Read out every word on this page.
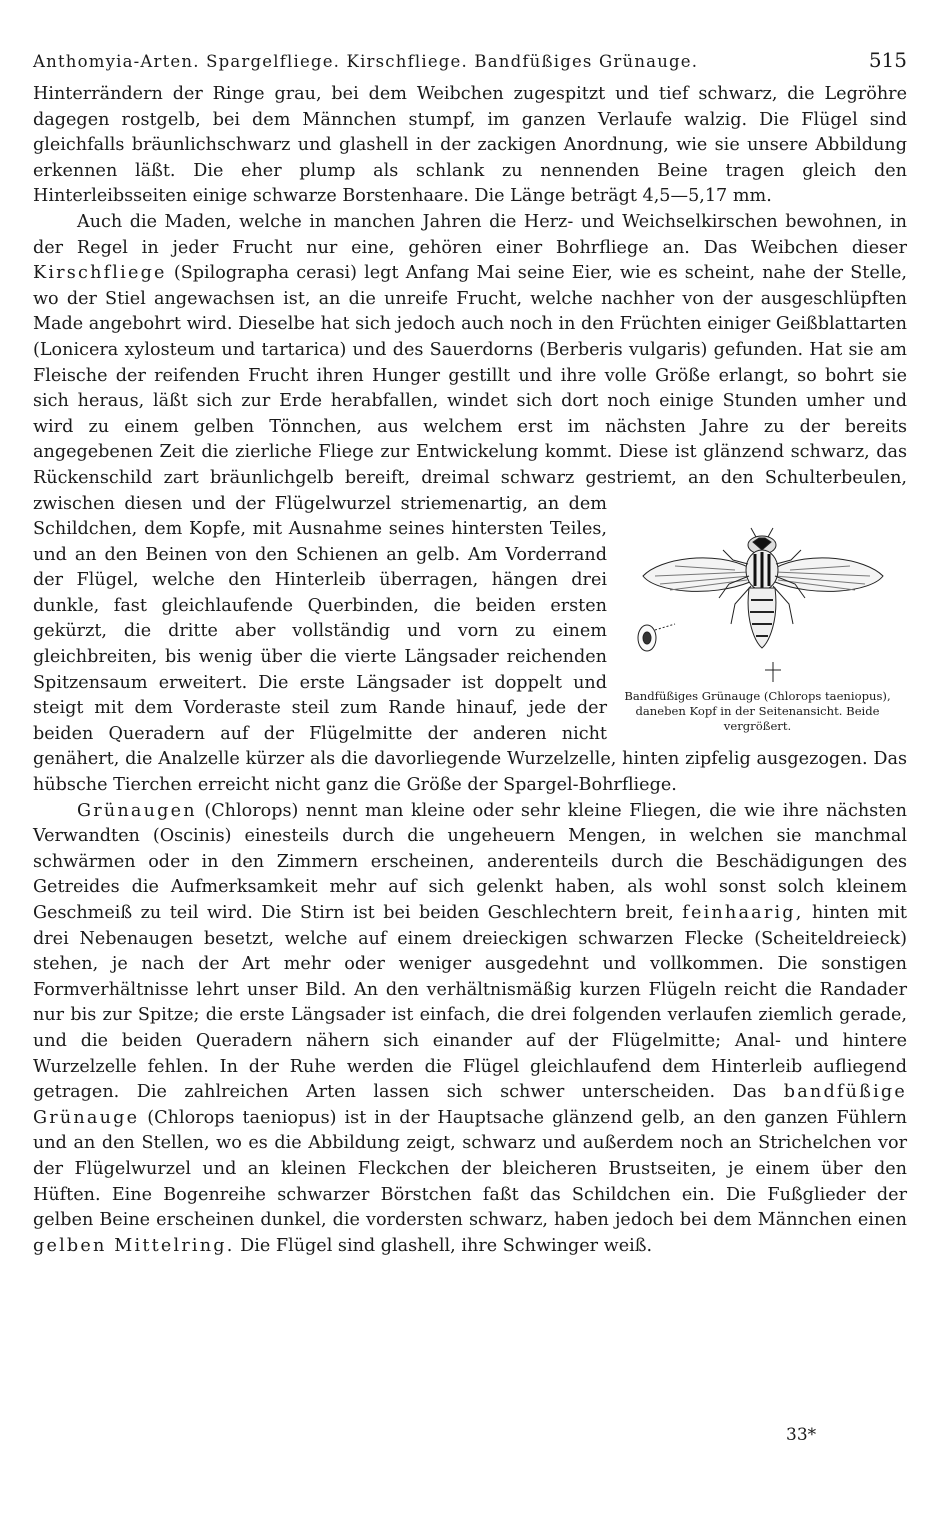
Anthomyia-Arten. Spargelfliege. Kirschfliege. Bandfüßiges Grünauge.	515

Hinterrändern der Ringe grau, bei dem Weibchen zugespitzt und tief schwarz, die Legröhre dagegen rostgelb, bei dem Männchen stumpf, im ganzen Verlaufe walzig. Die Flügel sind gleichfalls bräunlichschwarz und glashell in der zackigen Anordnung, wie sie unsere Abbildung erkennen läßt. Die eher plump als schlank zu nennenden Beine tragen gleich den Hinterleibsseiten einige schwarze Borstenhaare. Die Länge beträgt 4,5—5,17 mm.

Auch die Maden, welche in manchen Jahren die Herz- und Weichselkirschen bewohnen, in der Regel in jeder Frucht nur eine, gehören einer Bohrfliege an. Das Weibchen dieser Kirschfliege (Spilographa cerasi) legt Anfang Mai seine Eier, wie es scheint, nahe der Stelle, wo der Stiel angewachsen ist, an die unreife Frucht, welche nachher von der ausgeschlüpften Made angebohrt wird. Dieselbe hat sich jedoch auch noch in den Früchten einiger Geißblattarten (Lonicera xylosteum und tartarica) und des Sauerdorns (Berberis vulgaris) gefunden. Hat sie am Fleische der reifenden Frucht ihren Hunger gestillt und ihre volle Größe erlangt, so bohrt sie sich heraus, läßt sich zur Erde herabfallen, windet sich dort noch einige Stunden umher und wird zu einem gelben Tönnchen, aus welchem erst im nächsten Jahre zu der bereits angegebenen Zeit die zierliche Fliege zur Entwickelung kommt. Diese ist glänzend schwarz, das Rückenschild zart bräunlichgelb bereift, dreimal schwarz gestriemt, an den Schulterbeulen, zwischen diesen und der Flügelwurzel striemenartig, an dem Schildchen, dem Kopfe, mit Ausnahme seines hintersten Teiles, und an den Beinen von den Schienen an gelb. Am Vorderrand der Flügel, welche den Hinterleib überragen, hängen drei dunkle, fast gleichlaufende Querbinden, die beiden ersten gekürzt, die dritte aber vollständig und vorn zu einem gleichbreiten, bis wenig über die vierte Längsader reichenden Spitzensaum erweitert. Die erste Längsader ist doppelt und steigt mit dem Vorderaste steil zum Rande hinauf, jede der beiden Queradern auf der Flügelmitte der anderen nicht genähert, die Analzelle kürzer als die davorliegende Wurzelzelle, hinten zipfelig ausgezogen. Das hübsche Tierchen erreicht nicht ganz die Größe der Spargel-Bohrfliege.

Grünaugen (Chlorops) nennt man kleine oder sehr kleine Fliegen, die wie ihre nächsten Verwandten (Oscinis) einesteils durch die ungeheuern Mengen, in welchen sie manchmal schwärmen oder in den Zimmern erscheinen, anderenteils durch die Beschädigungen des Getreides die Aufmerksamkeit mehr auf sich gelenkt haben, als wohl sonst solch kleinem Geschmeiß zu teil wird. Die Stirn ist bei beiden Geschlechtern breit, feinhaarig, hinten mit drei Nebenaugen besetzt, welche auf einem dreieckigen schwarzen Flecke (Scheiteldreieck) stehen, je nach der Art mehr oder weniger ausgedehnt und vollkommen. Die sonstigen Formverhältnisse lehrt unser Bild. An den verhältnismäßig kurzen Flügeln reicht die Randader nur bis zur Spitze; die erste Längsader ist einfach, die drei folgenden verlaufen ziemlich gerade, und die beiden Queradern nähern sich einander auf der Flügelmitte; Anal- und hintere Wurzelzelle fehlen. In der Ruhe werden die Flügel gleichlaufend dem Hinterleib aufliegend getragen. Die zahlreichen Arten lassen sich schwer unterscheiden. Das bandfüßige Grünauge (Chlorops taeniopus) ist in der Hauptsache glänzend gelb, an den ganzen Fühlern und an den Stellen, wo es die Abbildung zeigt, schwarz und außerdem noch an Strichelchen vor der Flügelwurzel und an kleinen Fleckchen der bleicheren Brustseiten, je einem über den Hüften. Eine Bogenreihe schwarzer Börstchen faßt das Schildchen ein. Die Fußglieder der gelben Beine erscheinen dunkel, die vordersten schwarz, haben jedoch bei dem Männchen einen gelben Mittelring. Die Flügel sind glashell, ihre Schwinger weiß.

Bandfüßiges Grünauge (Chlorops taeniopus), daneben Kopf in der Seitenansicht. Beide vergrößert.
33*
